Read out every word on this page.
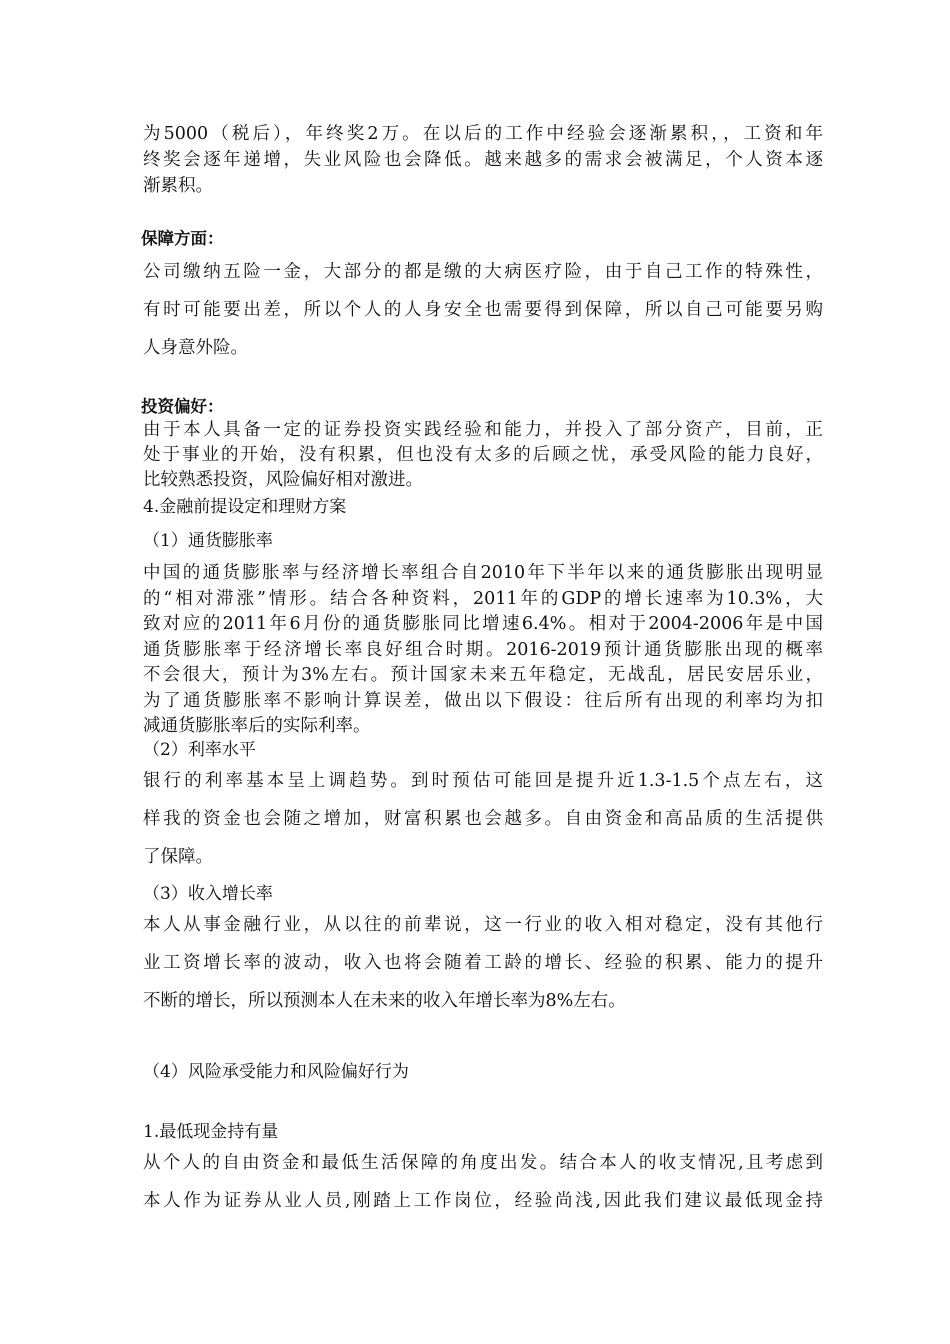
为5000（税后），年终奖2万。在以后的工作中经验会逐渐累积，，工资和年
终奖会逐年递增，失业风险也会降低。越来越多的需求会被满足，个人资本逐
渐累积。
保障方面：
公司缴纳五险一金，大部分的都是缴的大病医疗险，由于自己工作的特殊性，
有时可能要出差，所以个人的人身安全也需要得到保障，所以自己可能要另购
人身意外险。
投资偏好：
由于本人具备一定的证券投资实践经验和能力，并投入了部分资产，目前，正
处于事业的开始，没有积累，但也没有太多的后顾之忧，承受风险的能力良好，
比较熟悉投资，风险偏好相对激进。
4.金融前提设定和理财方案
（1）通货膨胀率
中国的通货膨胀率与经济增长率组合自2010年下半年以来的通货膨胀出现明显
的“相对滞涨”情形。结合各种资料，2011年的GDP的增长速率为10.3%，大
致对应的2011年6月份的通货膨胀同比增速6.4%。相对于2004-2006年是中国
通货膨胀率于经济增长率良好组合时期。2016-2019预计通货膨胀出现的概率
不会很大，预计为3%左右。预计国家未来五年稳定，无战乱，居民安居乐业，
为了通货膨胀率不影响计算误差，做出以下假设：往后所有出现的利率均为扣
减通货膨胀率后的实际利率。
（2）利率水平
银行的利率基本呈上调趋势。到时预估可能回是提升近1.3-1.5个点左右，这
样我的资金也会随之增加，财富积累也会越多。自由资金和高品质的生活提供
了保障。
（3）收入增长率
本人从事金融行业，从以往的前辈说，这一行业的收入相对稳定，没有其他行
业工资增长率的波动，收入也将会随着工龄的增长、经验的积累、能力的提升
不断的增长，所以预测本人在未来的收入年增长率为8%左右。
（4）风险承受能力和风险偏好行为
1.最低现金持有量
从个人的自由资金和最低生活保障的角度出发。结合本人的收支情况,且考虑到
本人作为证券从业人员,刚踏上工作岗位，经验尚浅,因此我们建议最低现金持
